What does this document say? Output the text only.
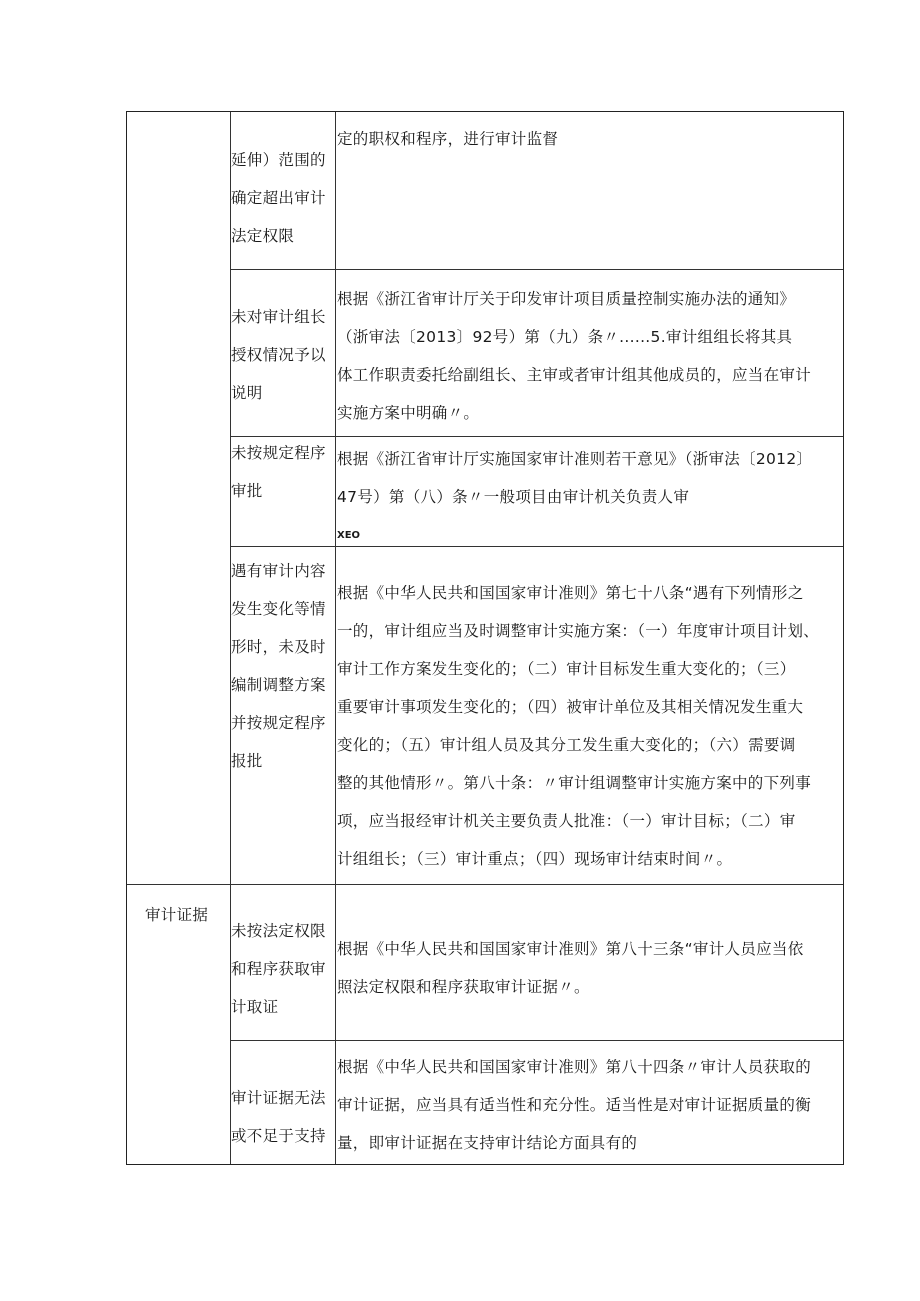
延伸）范围的
确定超出审计
法定权限
定的职权和程序，进行审计监督
未对审计组长
授权情况予以
说明
根据《浙江省审计厅关于印发审计项目质量控制实施办法的通知》
（浙审法〔2013〕92号）第（九）条〃......5.审计组组长将其具
体工作职责委托给副组长、主审或者审计组其他成员的，应当在审计
实施方案中明确〃。
未按规定程序
审批
根据《浙江省审计厅实施国家审计准则若干意见》（浙审法〔2012〕
47号）第（八）条〃一般项目由审计机关负责人审
XEO
遇有审计内容
发生变化等情
形时，未及时
编制调整方案
并按规定程序
报批
根据《中华人民共和国国家审计准则》第七十八条“遇有下列情形之
一的，审计组应当及时调整审计实施方案：（一）年度审计项目计划、
审计工作方案发生变化的；（二）审计目标发生重大变化的；（三）
重要审计事项发生变化的；（四）被审计单位及其相关情况发生重大
变化的；（五）审计组人员及其分工发生重大变化的；（六）需要调
整的其他情形〃。第八十条：〃审计组调整审计实施方案中的下列事
项，应当报经审计机关主要负责人批准：（一）审计目标；（二）审
计组组长；（三）审计重点；（四）现场审计结束时间〃。
审计证据
未按法定权限
和程序获取审
计取证
根据《中华人民共和国国家审计准则》第八十三条“审计人员应当依
照法定权限和程序获取审计证据〃。
审计证据无法
或不足于支持
根据《中华人民共和国国家审计准则》第八十四条〃审计人员获取的
审计证据，应当具有适当性和充分性。适当性是对审计证据质量的衡
量，即审计证据在支持审计结论方面具有的
